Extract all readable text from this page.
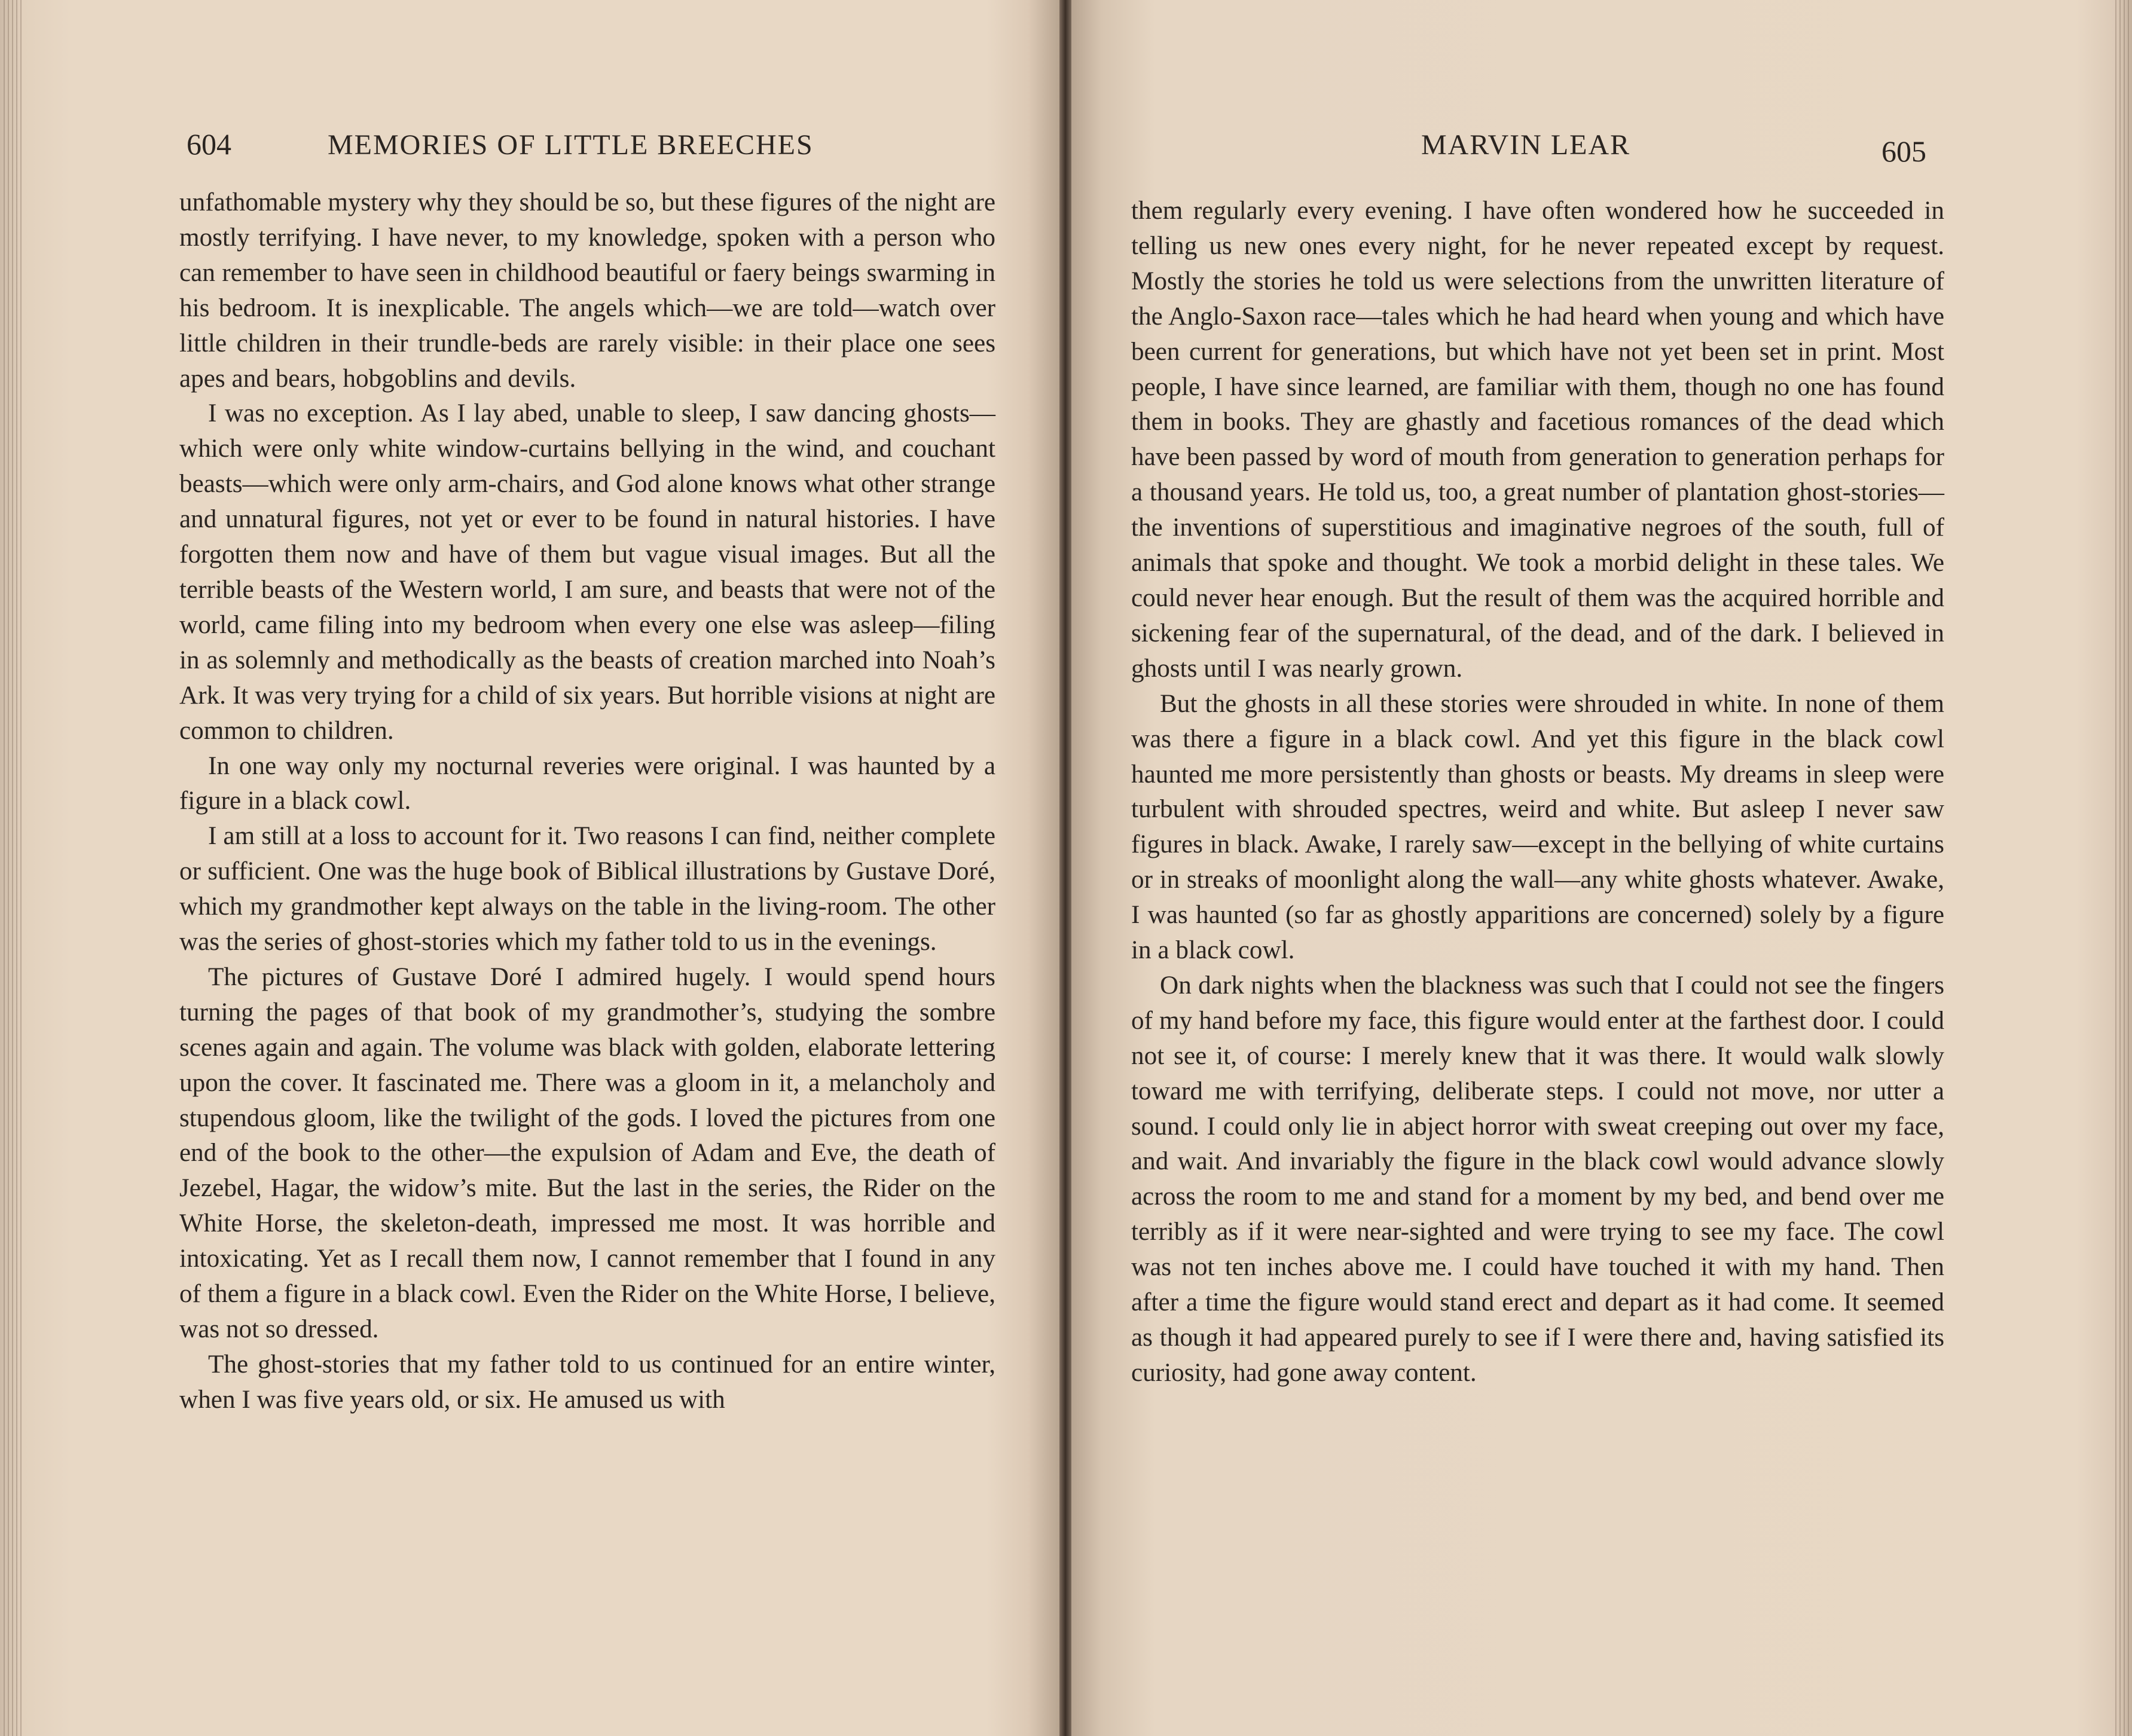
604	MEMORIES OF LITTLE BREECHES

unfathomable mystery why they should be so, but these figures of the night are mostly terrifying. I have never, to my knowledge, spoken with a person who can remember to have seen in childhood beautiful or faery beings swarming in his bedroom. It is inexplicable. The angels which—we are told—watch over little children in their trundle-beds are rarely visible: in their place one sees apes and bears, hobgoblins and devils.

I was no exception. As I lay abed, unable to sleep, I saw dancing ghosts—which were only white window-curtains bellying in the wind, and couchant beasts—which were only arm-chairs, and God alone knows what other strange and unnatural figures, not yet or ever to be found in natural histories. I have forgotten them now and have of them but vague visual images. But all the terrible beasts of the Western world, I am sure, and beasts that were not of the world, came filing into my bedroom when every one else was asleep—filing in as solemnly and methodically as the beasts of creation marched into Noah’s Ark. It was very trying for a child of six years. But horrible visions at night are common to children.

In one way only my nocturnal reveries were original. I was haunted by a figure in a black cowl.

I am still at a loss to account for it. Two reasons I can find, neither complete or sufficient. One was the huge book of Biblical illustrations by Gustave Doré, which my grandmother kept always on the table in the living-room. The other was the series of ghost-stories which my father told to us in the evenings.

The pictures of Gustave Doré I admired hugely. I would spend hours turning the pages of that book of my grandmother’s, studying the sombre scenes again and again. The volume was black with golden, elaborate lettering upon the cover. It fascinated me. There was a gloom in it, a melancholy and stupendous gloom, like the twilight of the gods. I loved the pictures from one end of the book to the other—the expulsion of Adam and Eve, the death of Jezebel, Hagar, the widow’s mite. But the last in the series, the Rider on the White Horse, the skeleton-death, impressed me most. It was horrible and intoxicating. Yet as I recall them now, I cannot remember that I found in any of them a figure in a black cowl. Even the Rider on the White Horse, I believe, was not so dressed.

The ghost-stories that my father told to us continued for an entire winter, when I was five years old, or six. He amused us with

MARVIN LEAR	605

them regularly every evening. I have often wondered how he succeeded in telling us new ones every night, for he never repeated except by request. Mostly the stories he told us were selections from the unwritten literature of the Anglo-Saxon race—tales which he had heard when young and which have been current for generations, but which have not yet been set in print. Most people, I have since learned, are familiar with them, though no one has found them in books. They are ghastly and facetious romances of the dead which have been passed by word of mouth from generation to generation perhaps for a thousand years. He told us, too, a great number of plantation ghost-stories—the inventions of superstitious and imaginative negroes of the south, full of animals that spoke and thought. We took a morbid delight in these tales. We could never hear enough. But the result of them was the acquired horrible and sickening fear of the supernatural, of the dead, and of the dark. I believed in ghosts until I was nearly grown.

But the ghosts in all these stories were shrouded in white. In none of them was there a figure in a black cowl. And yet this figure in the black cowl haunted me more persistently than ghosts or beasts. My dreams in sleep were turbulent with shrouded spectres, weird and white. But asleep I never saw figures in black. Awake, I rarely saw—except in the bellying of white curtains or in streaks of moonlight along the wall—any white ghosts whatever. Awake, I was haunted (so far as ghostly apparitions are concerned) solely by a figure in a black cowl.

On dark nights when the blackness was such that I could not see the fingers of my hand before my face, this figure would enter at the farthest door. I could not see it, of course: I merely knew that it was there. It would walk slowly toward me with terrifying, deliberate steps. I could not move, nor utter a sound. I could only lie in abject horror with sweat creeping out over my face, and wait. And invariably the figure in the black cowl would advance slowly across the room to me and stand for a moment by my bed, and bend over me terribly as if it were near-sighted and were trying to see my face. The cowl was not ten inches above me. I could have touched it with my hand. Then after a time the figure would stand erect and depart as it had come. It seemed as though it had appeared purely to see if I were there and, having satisfied its curiosity, had gone away content.
